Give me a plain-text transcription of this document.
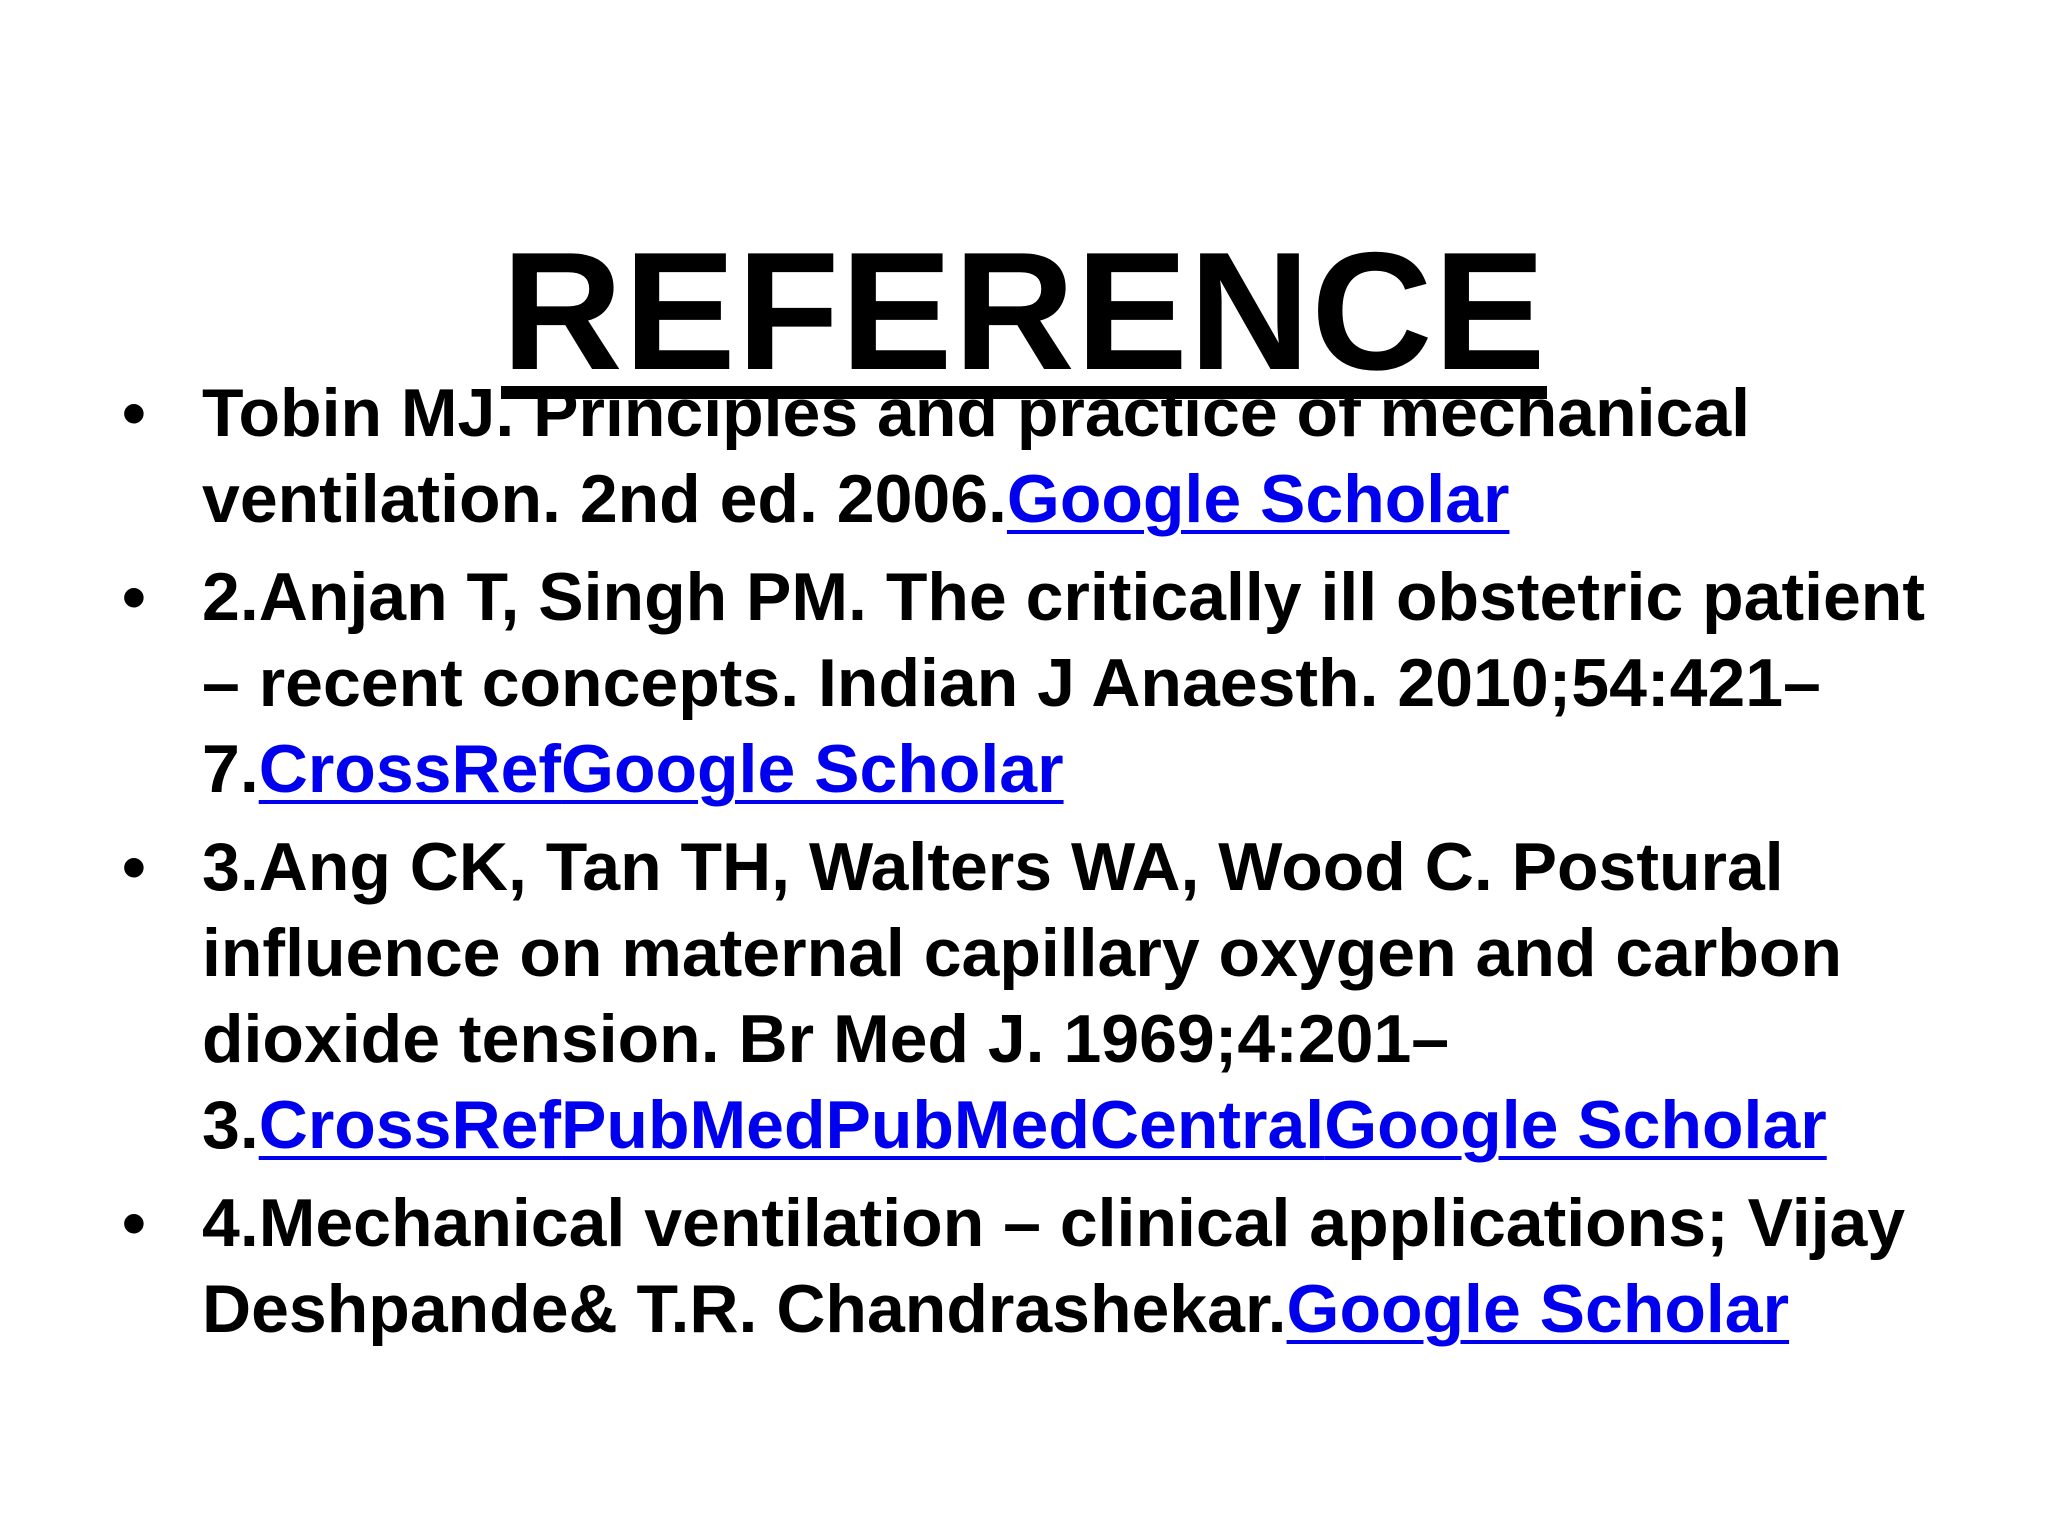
REFERENCE
• Tobin MJ. Principles and practice of mechanical ventilation. 2nd ed. 2006.Google Scholar
• 2.Anjan T, Singh PM. The critically ill obstetric patient – recent concepts. Indian J Anaesth. 2010;54:421–7.CrossRefGoogle Scholar
• 3.Ang CK, Tan TH, Walters WA, Wood C. Postural influence on maternal capillary oxygen and carbon dioxide tension. Br Med J. 1969;4:201–3.CrossRefPubMedPubMedCentralGoogle Scholar
• 4.Mechanical ventilation – clinical applications; Vijay Deshpande& T.R. Chandrashekar.Google Scholar
